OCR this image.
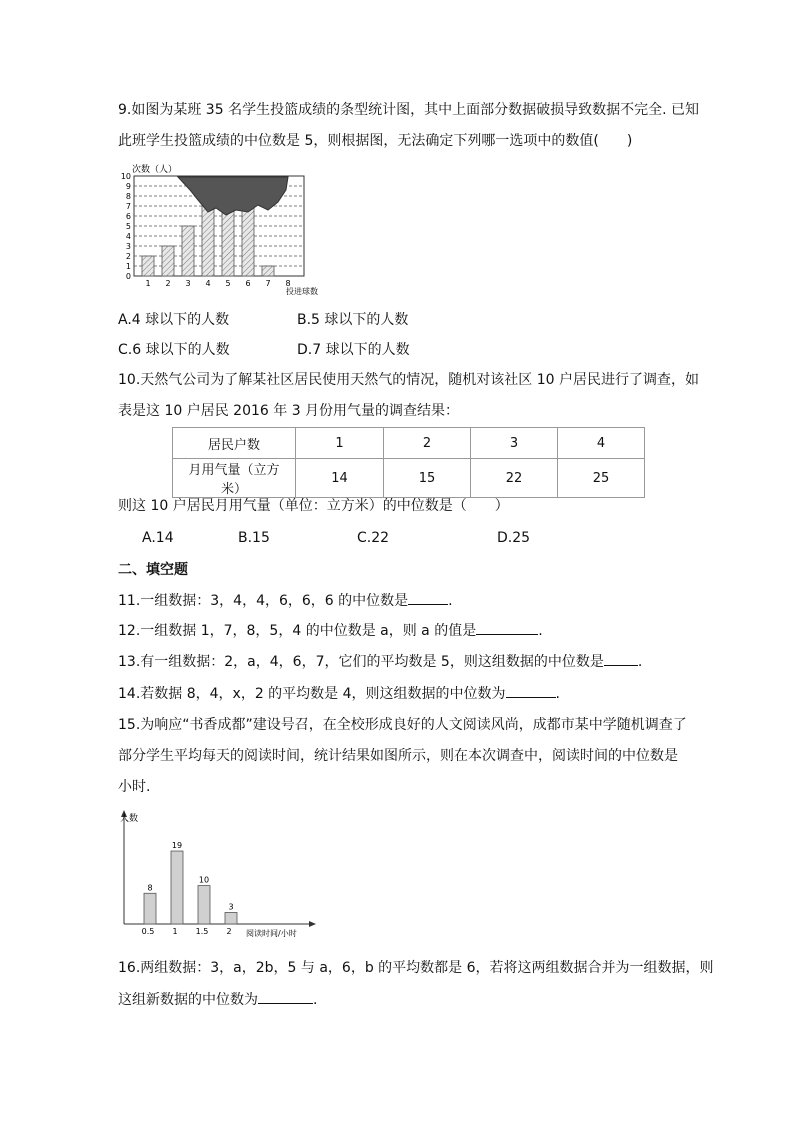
9.如图为某班 35 名学生投篮成绩的条型统计图，其中上面部分数据破损导致数据不完全. 已知
此班学生投篮成绩的中位数是 5，则根据图，无法确定下列哪一选项中的数值(　　)
0
1
2
3
4
5
6
7
8
9
10
1 2 3 4 5 6 7 8
次数（人）
投进球数
A.4 球以下的人数	B.5 球以下的人数
C.6 球以下的人数	D.7 球以下的人数
10.天然气公司为了解某社区居民使用天然气的情况，随机对该社区 10 户居民进行了调查，如
表是这 10 户居民 2016 年 3 月份用气量的调查结果：
居民户数	1	2	3	4
月用气量（立方米）	14	15	22	25
则这 10 户居民月用气量（单位：立方米）的中位数是（　　）
A.14	B.15	C.22	D.25
二、填空题
11.一组数据：3，4，4，6，6，6 的中位数是	.
12.一组数据 1，7，8，5，4 的中位数是 a，则 a 的值是	.
13.有一组数据：2，a，4，6，7，它们的平均数是 5，则这组数据的中位数是 .
14.若数据 8，4，x，2 的平均数是 4，则这组数据的中位数为	.
15.为响应“书香成都”建设号召，在全校形成良好的人文阅读风尚，成都市某中学随机调查了
部分学生平均每天的阅读时间，统计结果如图所示，则在本次调查中，阅读时间的中位数是
小时.
8
0.5
19
1
10
1.5
3
2
人数
阅读时间/小时
16.两组数据：3，a，2b，5 与 a，6，b 的平均数都是 6，若将这两组数据合并为一组数据，则
这组新数据的中位数为	.
